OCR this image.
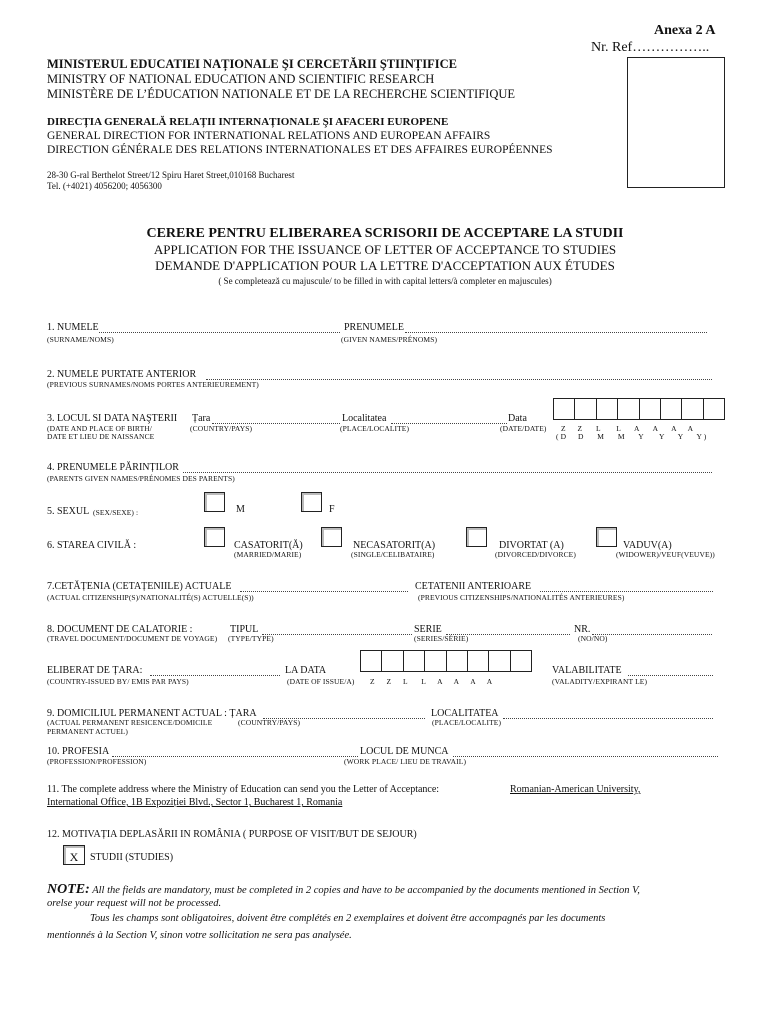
Anexa 2 A
Nr. Ref……………..
MINISTERUL EDUCATIEI NAȚIONALE ŞI CERCETĂRII ŞTIINȚIFICE
MINISTRY OF NATIONAL EDUCATION AND SCIENTIFIC RESEARCH
MINISTÈRE DE L’ÉDUCATION NATIONALE ET DE LA RECHERCHE SCIENTIFIQUE
DIRECȚIA GENERALĂ RELAȚII INTERNAȚIONALE ŞI AFACERI EUROPENE
GENERAL DIRECTION FOR INTERNATIONAL RELATIONS AND EUROPEAN AFFAIRS
DIRECTION GÉNÉRALE DES RELATIONS INTERNATIONALES ET DES AFFAIRES EUROPÉENNES
28-30 G-ral Berthelot Street/12 Spiru Haret Street,010168 Bucharest
Tel. (+4021) 4056200; 4056300
CERERE PENTRU ELIBERAREA SCRISORII DE ACCEPTARE LA STUDII
APPLICATION FOR THE ISSUANCE OF LETTER OF ACCEPTANCE TO STUDIES
DEMANDE D'APPLICATION POUR LA LETTRE D'ACCEPTATION AUX ÉTUDES
( Se completează cu majuscule/ to be filled in with capital letters/à completer en majuscules)
1. NUMELE	PRENUMELE
(SURNAME/NOMS)	(GIVEN NAMES/PRÉNOMS)
2. NUMELE PURTATE ANTERIOR
(PREVIOUS SURNAMES/NOMS PORTES ANTERIEUREMENT)
3. LOCUL SI DATA NAŞTERII Țara	Localitatea	Data
(DATE AND PLACE OF BIRTH/
DATE ET LIEU DE NAISSANCE
(COUNTRY/PAYS)	(PLACE/LOCALITE)	(DATE/DATE) Z      Z       L        L       A       A       A      A
( D      D       M       M       Y        Y       Y       Y )
4. PRENUMELE PĂRINȚILOR
(PARENTS GIVEN NAMES/PRÉNOMES DES PARENTS)
5. SEXUL (SEX/SEXE) :	M	F
6. STAREA CIVILĂ :	CASATORIT(Ă)
(MARRIED/MARIE)
NECASATORIT(A)
(SINGLE/CELIBATAIRE)
DIVORTAT (A)
(DIVORCED/DIVORCE)
VADUV(A)
(WIDOWER)/VEUF(VEUVE))
7.CETĂȚENIA (CETAȚENIILE) ACTUALE
(ACTUAL CITIZENSHIP(S)/NATIONALITÉ(S) ACTUELLE(S))
CETATENII ANTERIOARE
(PREVIOUS CITIZENSHIPS/NATIONALITÉS ANTERIEURES)
8. DOCUMENT DE CALATORIE :
(TRAVEL DOCUMENT/DOCUMENT DE VOYAGE)
TIPUL
(TYPE/TYPE)
SERIE
(SERIES/SÉRIE)
NR.
(NO/NO)
ELIBERAT DE ȚARA:
(COUNTRY-ISSUED BY/ EMIS PAR PAYS)
LA DATA
(DATE OF ISSUE/A) Z      Z      L       L      A      A      A      A
VALABILITATE
(VALADITY/EXPIRANT LE)
9. DOMICILIUL PERMANENT ACTUAL : ȚARA
(ACTUAL PERMANENT RESICENCE/DOMICILE
PERMANENT ACTUEL)
(COUNTRY/PAYS)
LOCALITATEA
(PLACE/LOCALITE)
10. PROFESIA
(PROFESSION/PROFESSION)
LOCUL DE MUNCA
(WORK PLACE/ LIEU DE TRAVAIL)
11. The complete address where the Ministry of Education can send you the Letter of Acceptance:	Romanian-American University,
International Office, 1B Expoziției Blvd., Sector 1, Bucharest 1, Romania
12. MOTIVAȚIA DEPLASĂRII IN ROMÂNIA ( PURPOSE OF VISIT/BUT DE SEJOUR)
X	STUDII (STUDIES)
NOTE: All the fields are mandatory, must be completed in 2 copies and have to be accompanied by the documents mentioned in Section V,
orelse your request will not be processed.
Tous les champs sont obligatoires, doivent être complétés en 2 exemplaires et doivent être accompagnés par les documents
mentionnés à la Section V, sinon votre sollicitation ne sera pas analysée.
